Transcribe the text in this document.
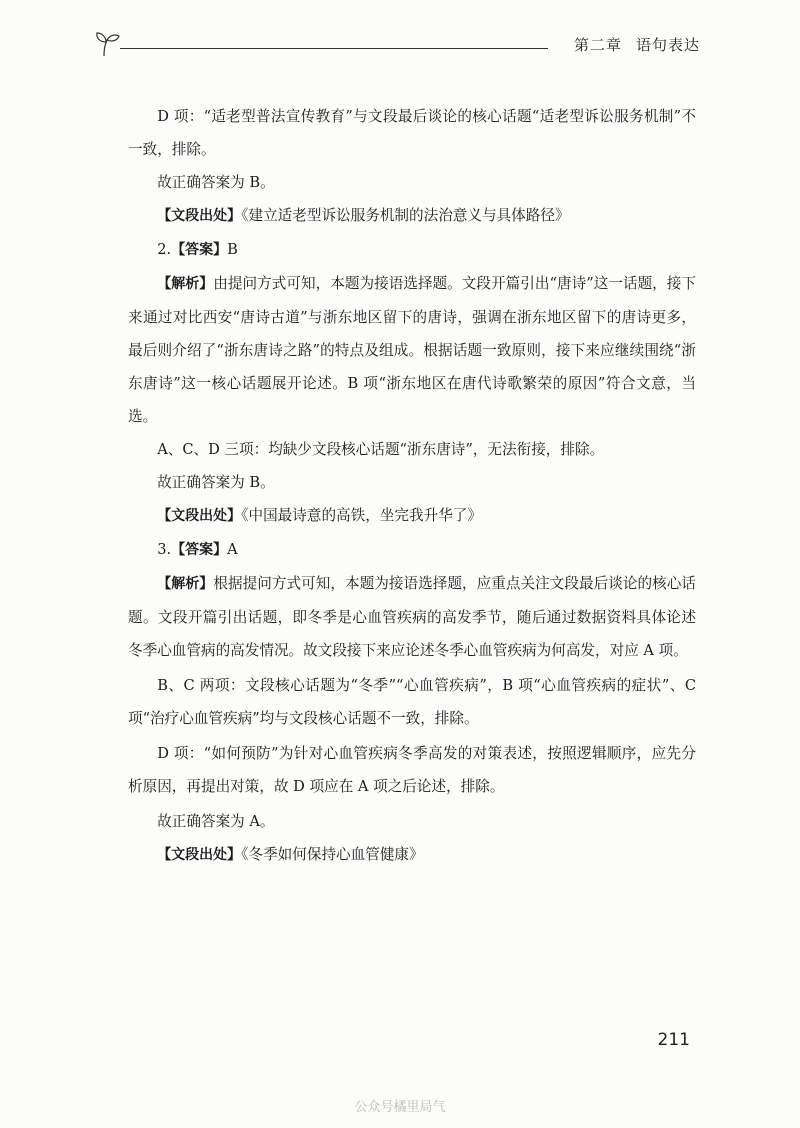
第二章 语句表达

D 项：“适老型普法宣传教育”与文段最后谈论的核心话题“适老型诉讼服务机制”不一致，排除。

故正确答案为 B。

【文段出处】《建立适老型诉讼服务机制的法治意义与具体路径》

2.【答案】B

【解析】由提问方式可知，本题为接语选择题。文段开篇引出“唐诗”这一话题，接下来通过对比西安“唐诗古道”与浙东地区留下的唐诗，强调在浙东地区留下的唐诗更多，最后则介绍了“浙东唐诗之路”的特点及组成。根据话题一致原则，接下来应继续围绕“浙东唐诗”这一核心话题展开论述。B 项“浙东地区在唐代诗歌繁荣的原因”符合文意，当选。

A、C、D 三项：均缺少文段核心话题“浙东唐诗”，无法衔接，排除。

故正确答案为 B。

【文段出处】《中国最诗意的高铁，坐完我升华了》

3.【答案】A

【解析】根据提问方式可知，本题为接语选择题，应重点关注文段最后谈论的核心话题。文段开篇引出话题，即冬季是心血管疾病的高发季节，随后通过数据资料具体论述冬季心血管病的高发情况。故文段接下来应论述冬季心血管疾病为何高发，对应 A 项。

B、C 两项：文段核心话题为“冬季”“心血管疾病”，B 项“心血管疾病的症状”、C 项“治疗心血管疾病”均与文段核心话题不一致，排除。

D 项：“如何预防”为针对心血管疾病冬季高发的对策表述，按照逻辑顺序，应先分析原因，再提出对策，故 D 项应在 A 项之后论述，排除。

故正确答案为 A。

【文段出处】《冬季如何保持心血管健康》

211
公众号橘里局气
